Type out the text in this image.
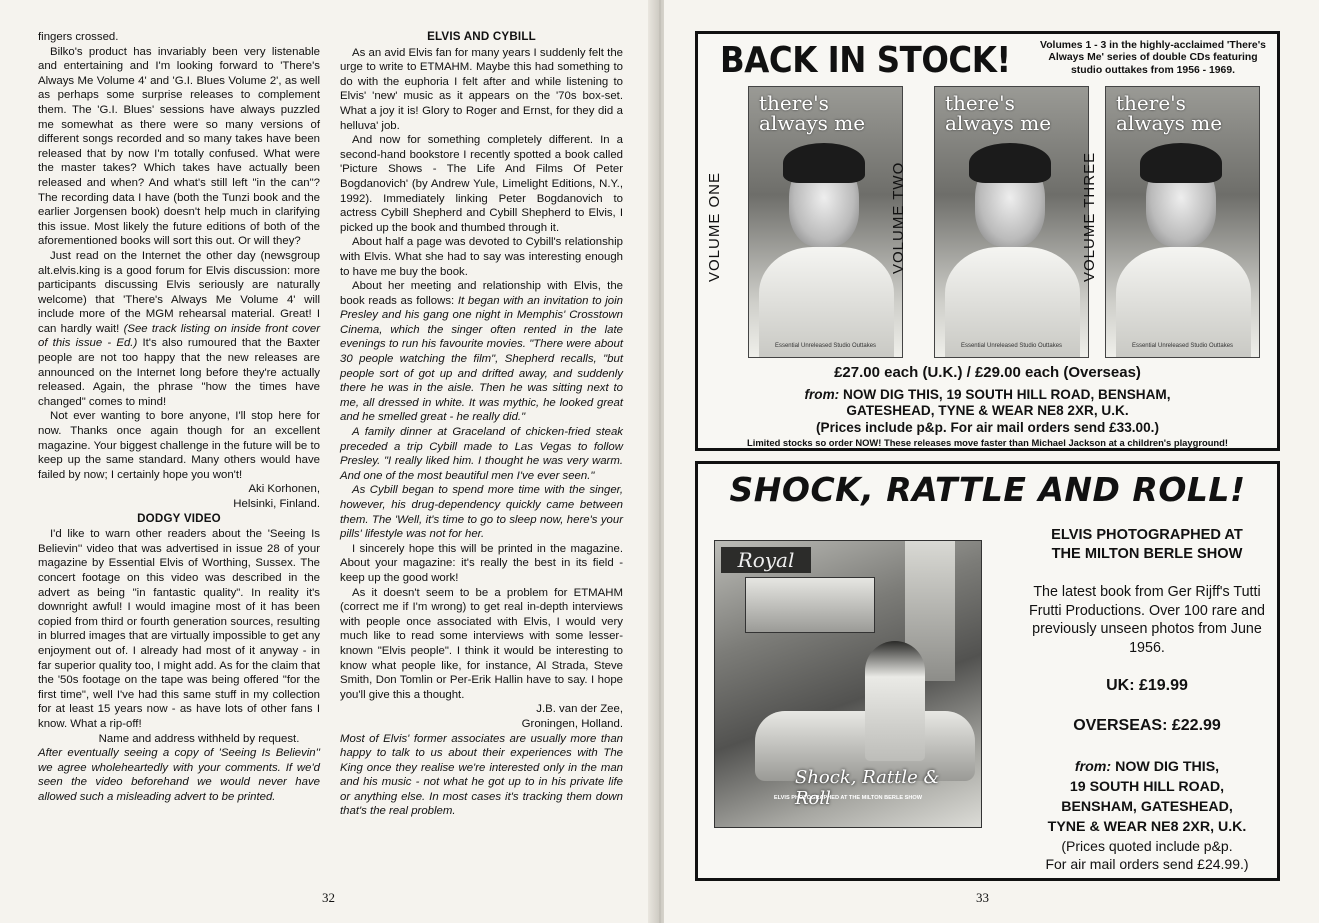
fingers crossed.

Bilko's product has invariably been very listenable and entertaining and I'm looking forward to 'There's Always Me Volume 4' and 'G.I. Blues Volume 2', as well as perhaps some surprise releases to complement them. The 'G.I. Blues' sessions have always puzzled me somewhat as there were so many versions of different songs recorded and so many takes have been released that by now I'm totally confused. What were the master takes? Which takes have actually been released and when? And what's still left "in the can"? The recording data I have (both the Tunzi book and the earlier Jorgensen book) doesn't help much in clarifying this issue. Most likely the future editions of both of the aforementioned books will sort this out. Or will they?

Just read on the Internet the other day (newsgroup alt.elvis.king is a good forum for Elvis discussion: more participants discussing Elvis seriously are naturally welcome) that 'There's Always Me Volume 4' will include more of the MGM rehearsal material. Great! I can hardly wait! (See track listing on inside front cover of this issue - Ed.) It's also rumoured that the Baxter people are not too happy that the new releases are announced on the Internet long before they're actually released. Again, the phrase "how the times have changed" comes to mind!

Not ever wanting to bore anyone, I'll stop here for now. Thanks once again though for an excellent magazine. Your biggest challenge in the future will be to keep up the same standard. Many others would have failed by now; I certainly hope you won't!

Aki Korhonen,

Helsinki, Finland.

DODGY VIDEO

I'd like to warn other readers about the 'Seeing Is Believin'' video that was advertised in issue 28 of your magazine by Essential Elvis of Worthing, Sussex. The concert footage on this video was described in the advert as being "in fantastic quality". In reality it's downright awful! I would imagine most of it has been copied from third or fourth generation sources, resulting in blurred images that are virtually impossible to get any enjoyment out of. I already had most of it anyway - in far superior quality too, I might add. As for the claim that the '50s footage on the tape was being offered "for the first time", well I've had this same stuff in my collection for at least 15 years now - as have lots of other fans I know. What a rip-off!

Name and address withheld by request.

After eventually seeing a copy of 'Seeing Is Believin'' we agree wholeheartedly with your comments. If we'd seen the video beforehand we would never have allowed such a misleading advert to be printed.

ELVIS AND CYBILL

As an avid Elvis fan for many years I suddenly felt the urge to write to ETMAHM. Maybe this had something to do with the euphoria I felt after and while listening to Elvis' 'new' music as it appears on the '70s box-set. What a joy it is! Glory to Roger and Ernst, for they did a helluva' job.

And now for something completely different. In a second-hand bookstore I recently spotted a book called 'Picture Shows - The Life And Films Of Peter Bogdanovich' (by Andrew Yule, Limelight Editions, N.Y., 1992). Immediately linking Peter Bogdanovich to actress Cybill Shepherd and Cybill Shepherd to Elvis, I picked up the book and thumbed through it.

About half a page was devoted to Cybill's relationship with Elvis. What she had to say was interesting enough to have me buy the book.

About her meeting and relationship with Elvis, the book reads as follows: It began with an invitation to join Presley and his gang one night in Memphis' Crosstown Cinema, which the singer often rented in the late evenings to run his favourite movies. "There were about 30 people watching the film", Shepherd recalls, "but people sort of got up and drifted away, and suddenly there he was in the aisle. Then he was sitting next to me, all dressed in white. It was mythic, he looked great and he smelled great - he really did."

A family dinner at Graceland of chicken-fried steak preceded a trip Cybill made to Las Vegas to follow Presley. "I really liked him. I thought he was very warm. And one of the most beautiful men I've ever seen."

As Cybill began to spend more time with the singer, however, his drug-dependency quickly came between them. The 'Well, it's time to go to sleep now, here's your pills' lifestyle was not for her.

I sincerely hope this will be printed in the magazine. About your magazine: it's really the best in its field - keep up the good work!

As it doesn't seem to be a problem for ETMAHM (correct me if I'm wrong) to get real in-depth interviews with people once associated with Elvis, I would very much like to read some interviews with some lesser-known "Elvis people". I think it would be interesting to know what people like, for instance, Al Strada, Steve Smith, Don Tomlin or Per-Erik Hallin have to say. I hope you'll give this a thought.

J.B. van der Zee,

Groningen, Holland.

Most of Elvis' former associates are usually more than happy to talk to us about their experiences with The King once they realise we're interested only in the man and his music - not what he got up to in his private life or anything else. In most cases it's tracking them down that's the real problem.

32
BACK IN STOCK!	Volumes 1 - 3 in the highly-acclaimed 'There's Always Me' series of double CDs featuring studio outtakes from 1956 - 1969.
VOLUME ONE
there's
always me
Essential Unreleased Studio Outtakes
VOLUME TWO
there's
always me
Essential Unreleased Studio Outtakes
VOLUME THREE
there's
always me
Essential Unreleased Studio Outtakes
£27.00 each (U.K.) / £29.00 each (Overseas)
from: NOW DIG THIS, 19 SOUTH HILL ROAD, BENSHAM,
GATESHEAD, TYNE & WEAR NE8 2XR, U.K.
(Prices include p&p. For air mail orders send £33.00.)
Limited stocks so order NOW! These releases move faster than Michael Jackson at a children's playground!
SHOCK, RATTLE AND ROLL!
Royal
Shock, Rattle & Roll
ELVIS PHOTOGRAPHED AT THE MILTON BERLE SHOW
ELVIS PHOTOGRAPHED AT
THE MILTON BERLE SHOW
The latest book from Ger Rijff's Tutti Frutti Productions. Over 100 rare and previously unseen photos from June 1956.
UK: £19.99
OVERSEAS: £22.99
from: NOW DIG THIS,
19 SOUTH HILL ROAD,
BENSHAM, GATESHEAD,
TYNE & WEAR NE8 2XR, U.K.
(Prices quoted include p&p.
For air mail orders send £24.99.)
33
